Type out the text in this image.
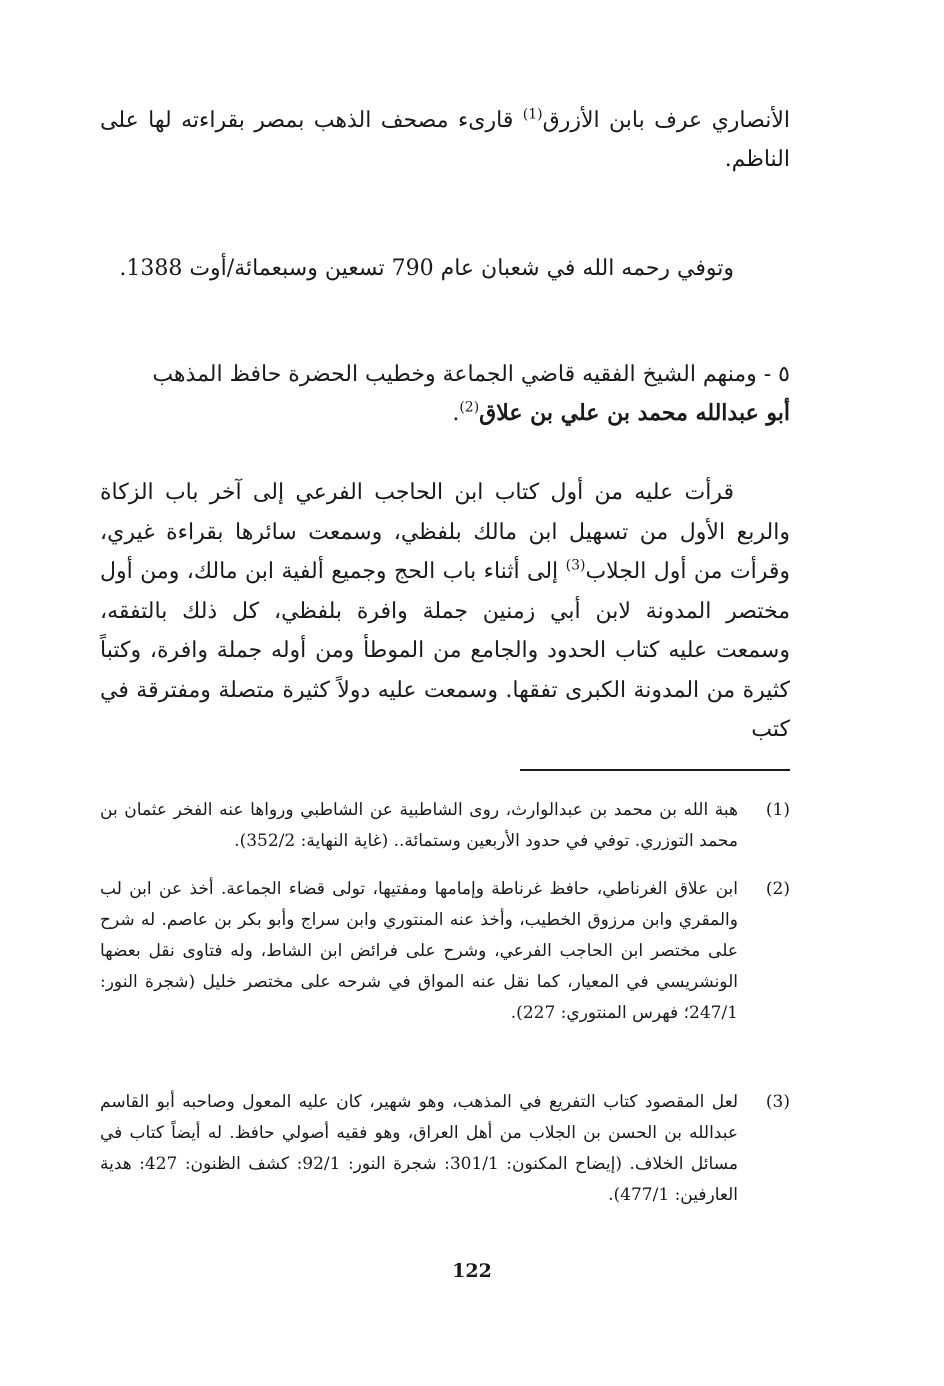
الأنصاري عرف بابن الأزرق$^{(1)}$ قارىء مصحف الذهب بمصر بقراءته لها على الناظم.

وتوفي رحمه الله في شعبان عام 790 تسعين وسبعمائة/أوت 1388.

٥ - ومنهم الشيخ الفقيه قاضي الجماعة وخطيب الحضرة حافظ المذهب
أبو عبدالله محمد بن علي بن علاق$^{(2)}$.

قرأت عليه من أول كتاب ابن الحاجب الفرعي إلى آخر باب الزكاة والربع الأول من تسهيل ابن مالك بلفظي، وسمعت سائرها بقراءة غيري، وقرأت من أول الجلاب$^{(3)}$ إلى أثناء باب الحج وجميع ألفية ابن مالك، ومن أول مختصر المدونة لابن أبي زمنين جملة وافرة بلفظي، كل ذلك بالتفقه، وسمعت عليه كتاب الحدود والجامع من الموطأ ومن أوله جملة وافرة، وكتباً كثيرة من المدونة الكبرى تفقها. وسمعت عليه دولاً كثيرة متصلة ومفترقة في كتب

(1)
هبة الله بن محمد بن عبدالوارث، روى الشاطبية عن الشاطبي ورواها عنه الفخر عثمان بن محمد التوزري. توفي في حدود الأربعين وستمائة.. (غاية النهاية: 352/2).
(2)
ابن علاق الغرناطي، حافظ غرناطة وإمامها ومفتيها، تولى قضاء الجماعة. أخذ عن ابن لب والمقري وابن مرزوق الخطيب، وأخذ عنه المنتوري وابن سراج وأبو بكر بن عاصم. له شرح على مختصر ابن الحاجب الفرعي، وشرح على فرائض ابن الشاط، وله فتاوى نقل بعضها الونشريسي في المعيار، كما نقل عنه المواق في شرحه على مختصر خليل (شجرة النور: 247/1؛ فهرس المنتوري: 227).
(3)
لعل المقصود كتاب التفريع في المذهب، وهو شهير، كان عليه المعول وصاحبه أبو القاسم عبدالله بن الحسن بن الجلاب من أهل العراق، وهو فقيه أصولي حافظ. له أيضاً كتاب في مسائل الخلاف. (إيضاح المكنون: 301/1: شجرة النور: 92/1: كشف الظنون: 427: هدية العارفين: 477/1).
122
